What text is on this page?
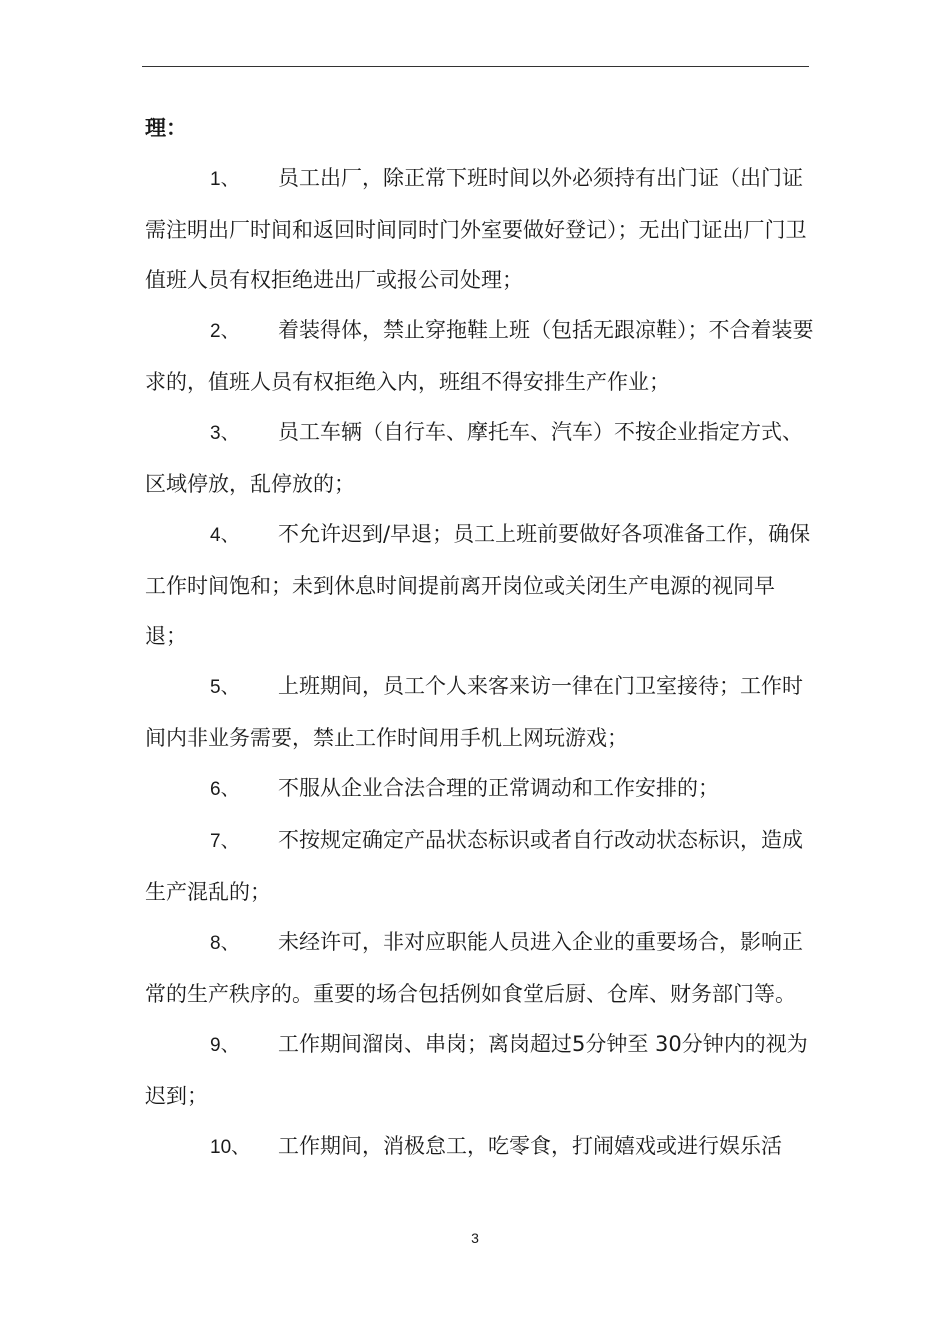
理：

1、 员工出厂，除正常下班时间以外必须持有出门证（出门证需注明出厂时间和返回时间同时门外室要做好登记）；无出门证出厂门卫值班人员有权拒绝进出厂或报公司处理；

2、 着装得体，禁止穿拖鞋上班（包括无跟凉鞋）；不合着装要求的，值班人员有权拒绝入内，班组不得安排生产作业；

3、 员工车辆（自行车、摩托车、汽车）不按企业指定方式、区域停放，乱停放的；

4、 不允许迟到/早退；员工上班前要做好各项准备工作，确保工作时间饱和；未到休息时间提前离开岗位或关闭生产电源的视同早退；

5、 上班期间，员工个人来客来访一律在门卫室接待；工作时间内非业务需要，禁止工作时间用手机上网玩游戏；

6、 不服从企业合法合理的正常调动和工作安排的；

7、 不按规定确定产品状态标识或者自行改动状态标识，造成生产混乱的；

8、 未经许可，非对应职能人员进入企业的重要场合，影响正常的生产秩序的。重要的场合包括例如食堂后厨、仓库、财务部门等。

9、 工作期间溜岗、串岗；离岗超过5分钟至 30分钟内的视为迟到；

10、 工作期间，消极怠工，吃零食，打闹嬉戏或进行娱乐活

3
